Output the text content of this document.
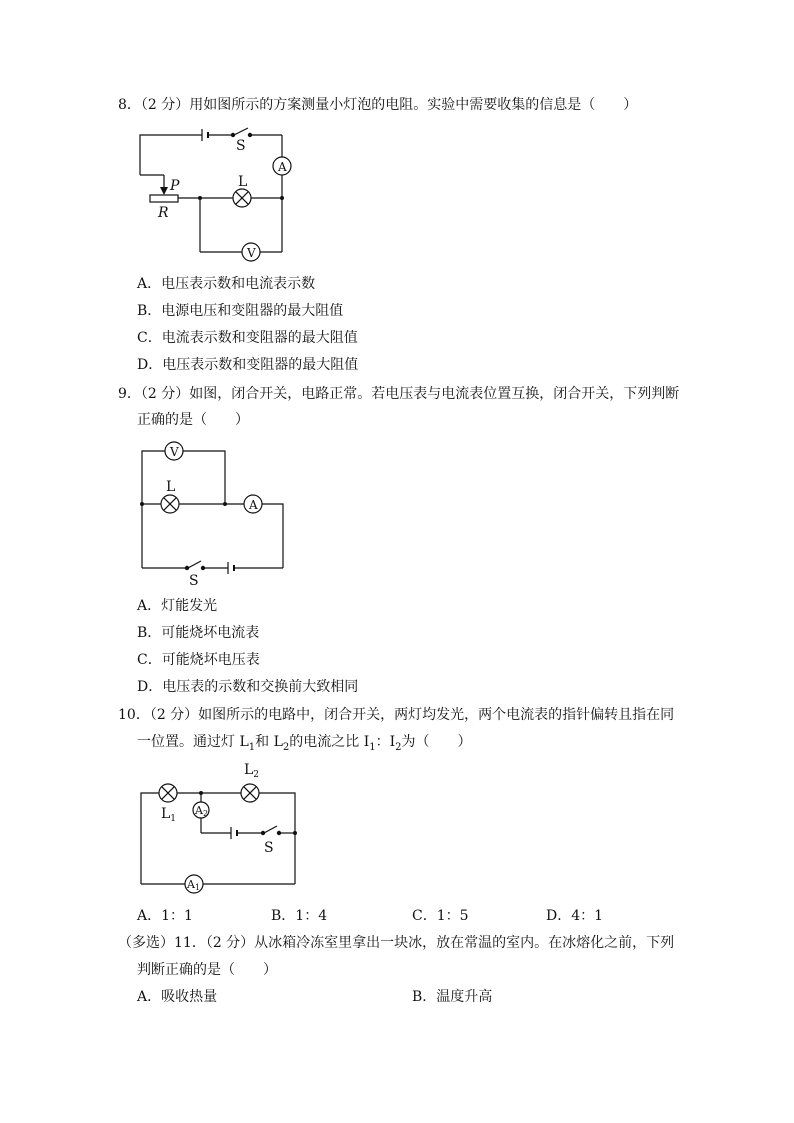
8．（2 分）用如图所示的方案测量小灯泡的电阻。实验中需要收集的信息是（　　）
S
A
V
L
P
R
A．电压表示数和电流表示数
B．电源电压和变阻器的最大阻值
C．电流表示数和变阻器的最大阻值
D．电压表示数和变阻器的最大阻值
9．（2 分）如图，闭合开关，电路正常。若电压表与电流表位置互换，闭合开关，下列判断
正确的是（　　）
V
L
A
S
A．灯能发光
B．可能烧坏电流表
C．可能烧坏电压表
D．电压表的示数和交换前大致相同
10．（2 分）如图所示的电路中，闭合开关，两灯均发光，两个电流表的指针偏转且指在同
一位置。通过灯 $L_1$和 $L_2$的电流之比 $I_1$：$I_2$为（　　）
$L_1$
$L_2$
A2
A1
S
A．1：1	B．1：4	C．1：5	D．4：1
（多选）11．（2 分）从冰箱冷冻室里拿出一块冰，放在常温的室内。在冰熔化之前，下列
判断正确的是（　　）
A．吸收热量	B．温度升高
